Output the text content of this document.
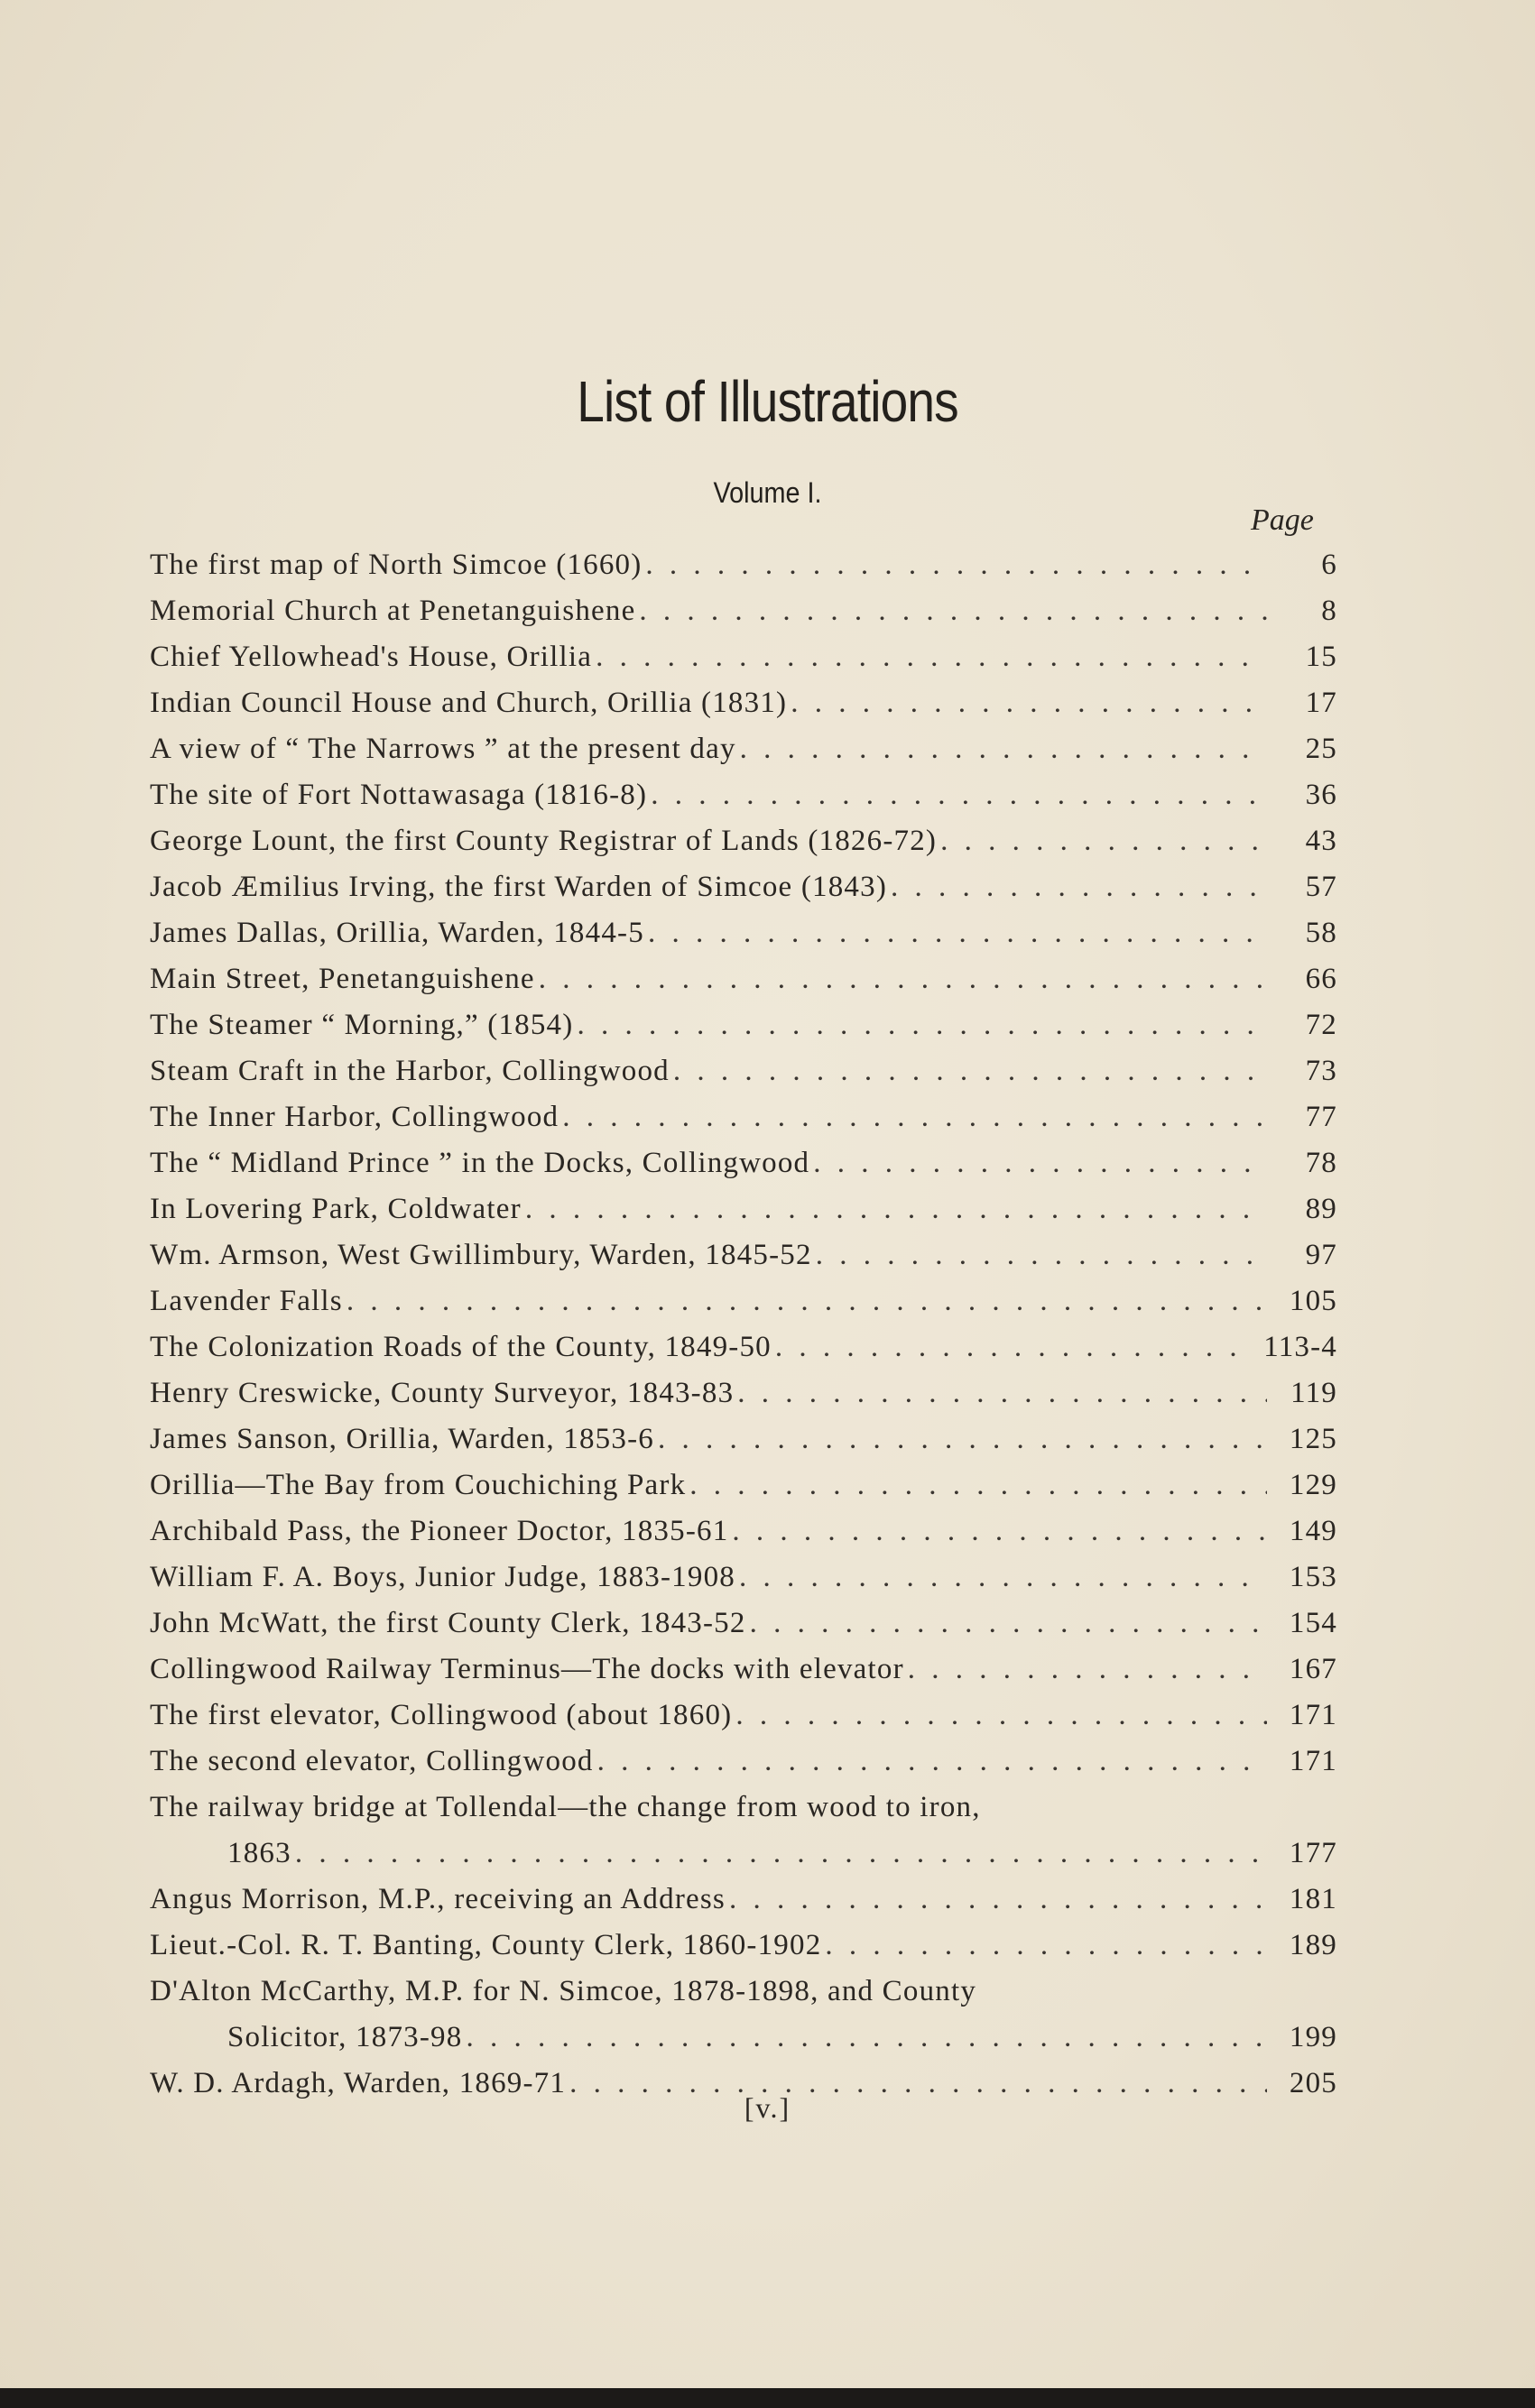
List of Illustrations
Volume I.
Page
The first map of North Simcoe (1660) . . .	6
Memorial Church at Penetanguishene . . .	8
Chief Yellowhead's House, Orillia . . .	15
Indian Council House and Church, Orillia (1831) . . .	17
A view of “ The Narrows ” at the present day . . .	25
The site of Fort Nottawasaga (1816-8) . . .	36
George Lount, the first County Registrar of Lands (1826-72) . . .	43
Jacob Æmilius Irving, the first Warden of Simcoe (1843) . . .	57
James Dallas, Orillia, Warden, 1844-5 . . .	58
Main Street, Penetanguishene . . .	66
The Steamer “ Morning,” (1854) . . .	72
Steam Craft in the Harbor, Collingwood . . .	73
The Inner Harbor, Collingwood . . .	77
The “ Midland Prince ” in the Docks, Collingwood . . .	78
In Lovering Park, Coldwater . . .	89
Wm. Armson, West Gwillimbury, Warden, 1845-52 . . .	97
Lavender Falls . . .	105
The Colonization Roads of the County, 1849-50 . . .	113-4
Henry Creswicke, County Surveyor, 1843-83 . . .	119
James Sanson, Orillia, Warden, 1853-6 . . .	125
Orillia—The Bay from Couchiching Park . . .	129
Archibald Pass, the Pioneer Doctor, 1835-61 . . .	149
William F. A. Boys, Junior Judge, 1883-1908 . . .	153
John McWatt, the first County Clerk, 1843-52 . . .	154
Collingwood Railway Terminus—The docks with elevator . . .	167
The first elevator, Collingwood (about 1860) . . .	171
The second elevator, Collingwood . . .	171
The railway bridge at Tollendal—the change from wood to iron,
1863 . . .	177
Angus Morrison, M.P., receiving an Address . . .	181
Lieut.-Col. R. T. Banting, County Clerk, 1860-1902 . . .	189
D'Alton McCarthy, M.P. for N. Simcoe, 1878-1898, and County
Solicitor, 1873-98 . . .	199
W. D. Ardagh, Warden, 1869-71 . . .	205
[v.]
